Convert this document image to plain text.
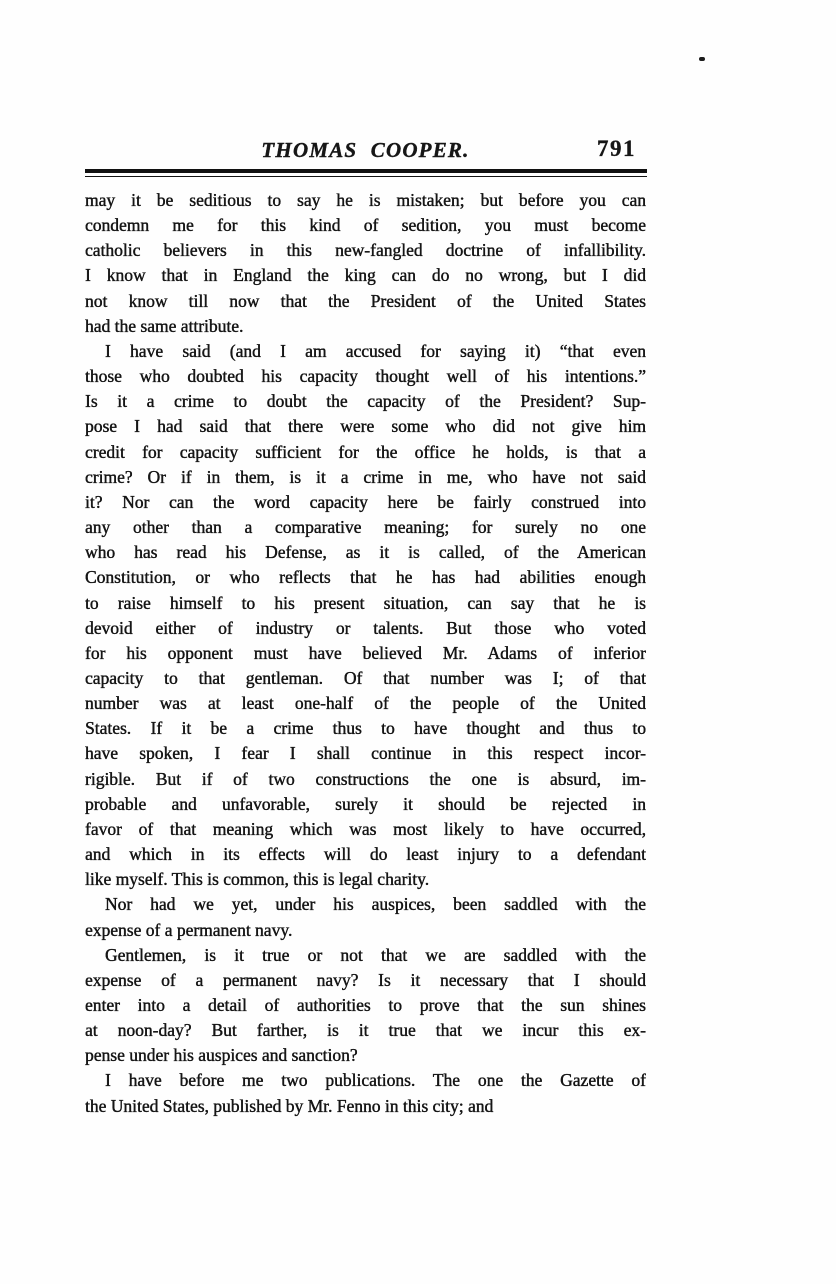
THOMAS COOPER.	791
may it be seditious to say he is mistaken; but before you can
condemn me for this kind of sedition, you must become
catholic believers in this new-fangled doctrine of infallibility.
I know that in England the king can do no wrong, but I did
not know till now that the President of the United States
had the same attribute.
I have said (and I am accused for saying it) “that even
those who doubted his capacity thought well of his intentions.”
Is it a crime to doubt the capacity of the President? Sup-
pose I had said that there were some who did not give him
credit for capacity sufficient for the office he holds, is that a
crime? Or if in them, is it a crime in me, who have not said
it? Nor can the word capacity here be fairly construed into
any other than a comparative meaning; for surely no one
who has read his Defense, as it is called, of the American
Constitution, or who reflects that he has had abilities enough
to raise himself to his present situation, can say that he is
devoid either of industry or talents. But those who voted
for his opponent must have believed Mr. Adams of inferior
capacity to that gentleman. Of that number was I; of that
number was at least one-half of the people of the United
States. If it be a crime thus to have thought and thus to
have spoken, I fear I shall continue in this respect incor-
rigible. But if of two constructions the one is absurd, im-
probable and unfavorable, surely it should be rejected in
favor of that meaning which was most likely to have occurred,
and which in its effects will do least injury to a defendant
like myself. This is common, this is legal charity.
Nor had we yet, under his auspices, been saddled with the
expense of a permanent navy.
Gentlemen, is it true or not that we are saddled with the
expense of a permanent navy? Is it necessary that I should
enter into a detail of authorities to prove that the sun shines
at noon-day? But farther, is it true that we incur this ex-
pense under his auspices and sanction?
I have before me two publications. The one the Gazette of
the United States, published by Mr. Fenno in this city; and
